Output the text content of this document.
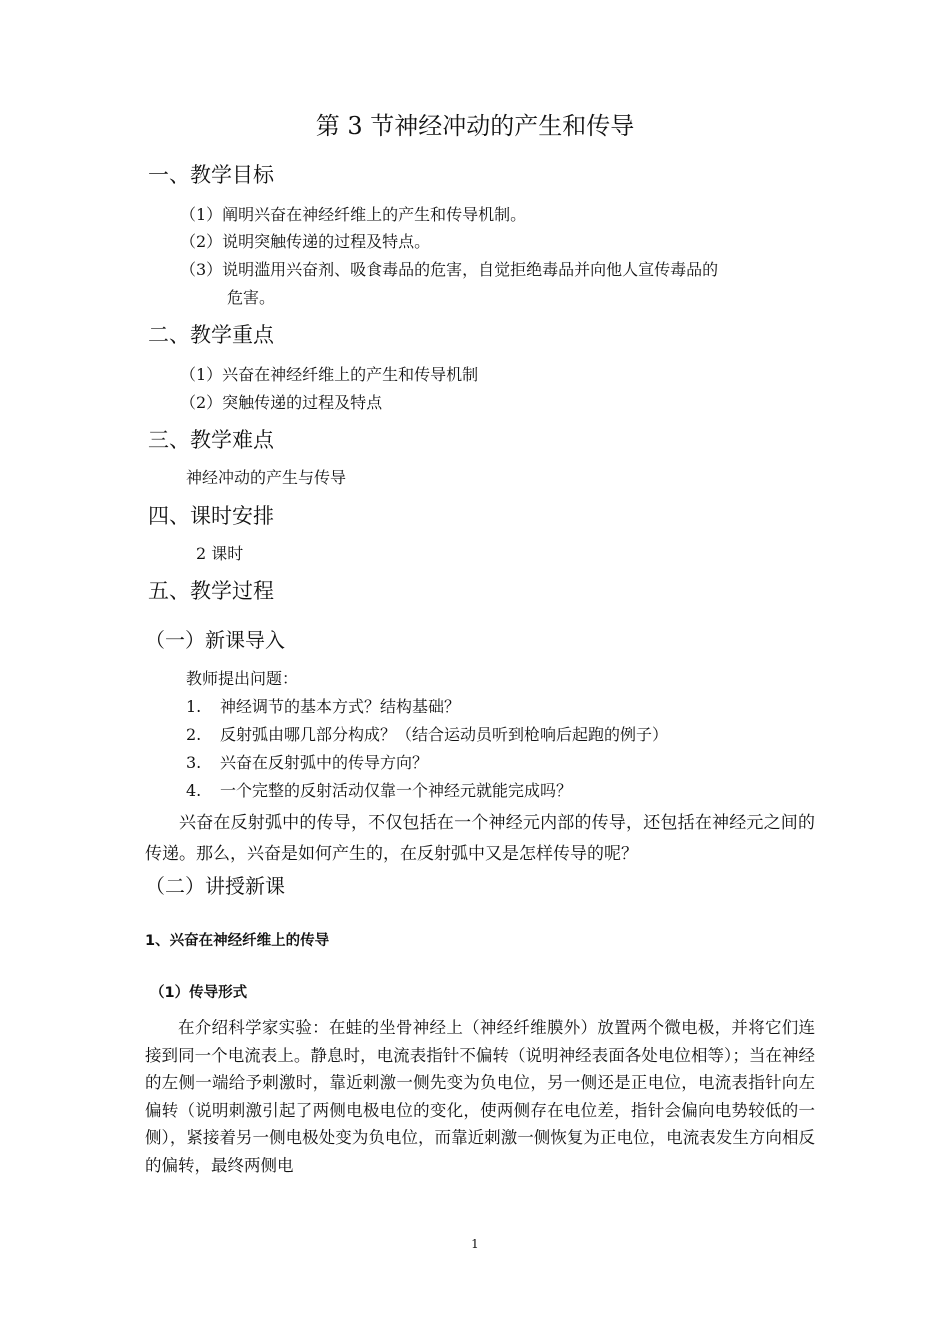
第 3 节神经冲动的产生和传导
一、教学目标
（1）阐明兴奋在神经纤维上的产生和传导机制。
（2）说明突触传递的过程及特点。
（3）说明滥用兴奋剂、吸食毒品的危害，自觉拒绝毒品并向他人宣传毒品的
危害。
二、教学重点
（1）兴奋在神经纤维上的产生和传导机制
（2）突触传递的过程及特点
三、教学难点
神经冲动的产生与传导
四、课时安排
2 课时
五、教学过程
（一）新课导入
教师提出问题：
1. 神经调节的基本方式？结构基础？
2. 反射弧由哪几部分构成？（结合运动员听到枪响后起跑的例子）
3. 兴奋在反射弧中的传导方向？
4. 一个完整的反射活动仅靠一个神经元就能完成吗？
兴奋在反射弧中的传导，不仅包括在一个神经元内部的传导，还包括在神经元之间的传递。那么，兴奋是如何产生的，在反射弧中又是怎样传导的呢？
（二）讲授新课
1、兴奋在神经纤维上的传导
（1）传导形式
在介绍科学家实验：在蛙的坐骨神经上（神经纤维膜外）放置两个微电极，并将它们连接到同一个电流表上。静息时，电流表指针不偏转（说明神经表面各处电位相等）；当在神经的左侧一端给予刺激时，靠近刺激一侧先变为负电位，另一侧还是正电位，电流表指针向左偏转（说明刺激引起了两侧电极电位的变化，使两侧存在电位差，指针会偏向电势较低的一侧），紧接着另一侧电极处变为负电位，而靠近刺激一侧恢复为正电位，电流表发生方向相反的偏转，最终两侧电
1
